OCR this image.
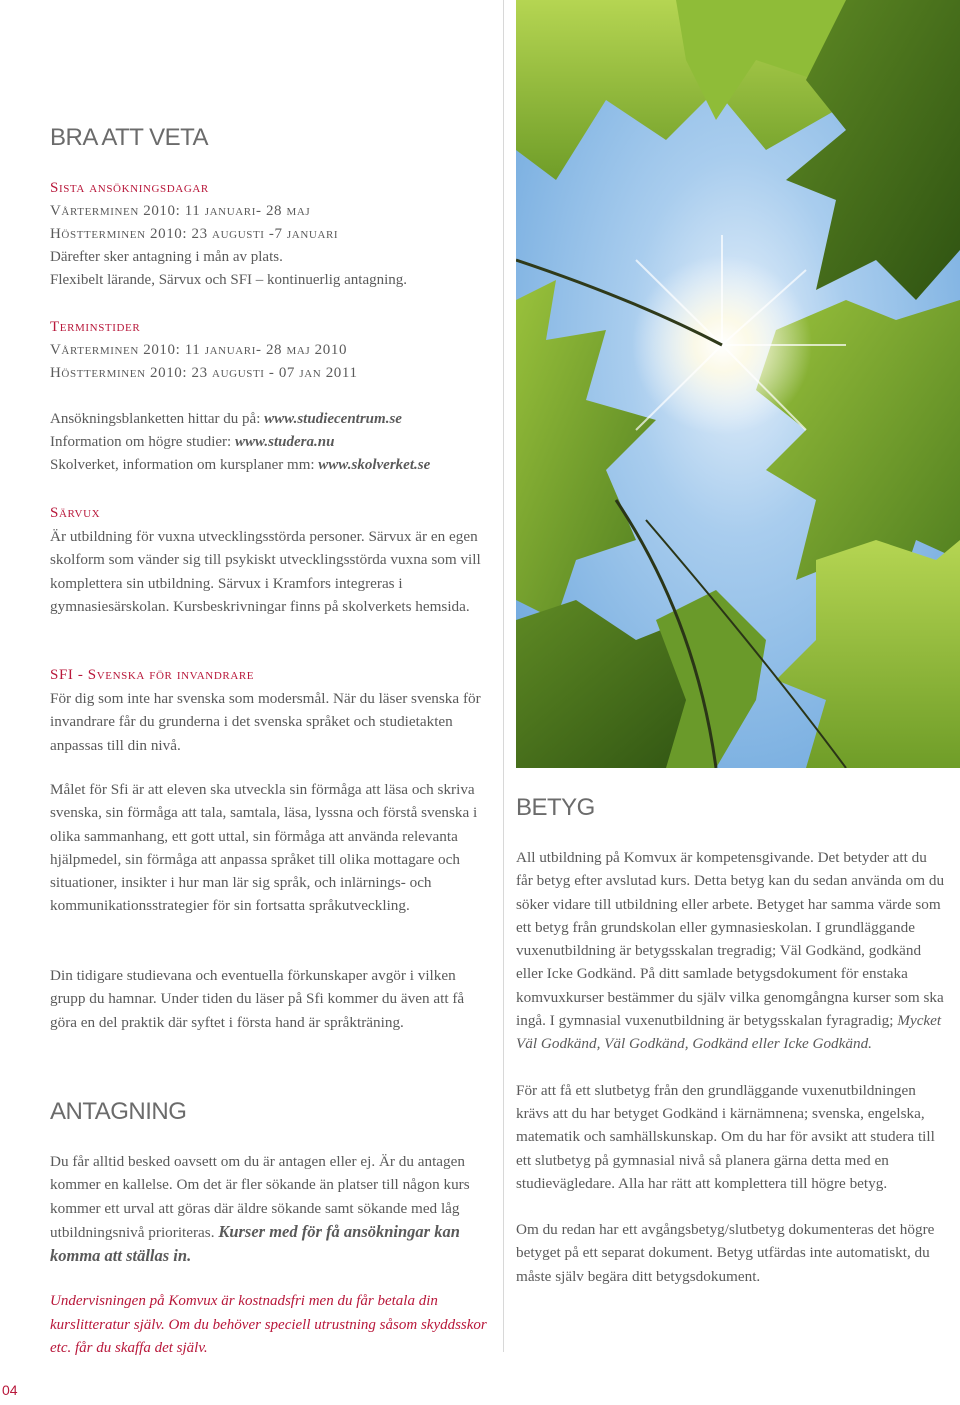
BRA ATT VETA
Sista ansökningsdagar
Vårterminen 2010: 11 januari- 28 maj
Höstterminen 2010: 23 augusti -7 januari
Därefter sker antagning i mån av plats.
Flexibelt lärande, Särvux och SFI – kontinuerlig antagning.
Terminstider
Vårterminen 2010: 11 januari- 28 maj 2010
Höstterminen 2010: 23 augusti - 07 jan 2011
Ansökningsblanketten hittar du på: www.studiecentrum.se
Information om högre studier: www.studera.nu
Skolverket, information om kursplaner mm: www.skolverket.se
Särvux

Är utbildning för vuxna utvecklingsstörda personer. Särvux är en egen skolform som vänder sig till psykiskt utvecklingsstörda vuxna som vill komplettera sin utbildning. Särvux i Kramfors integreras i gymnasiesärskolan. Kursbeskrivningar finns på skolverkets hemsida.

SFI - Svenska för invandrare

För dig som inte har svenska som modersmål. När du läser svenska för invandrare får du grunderna i det svenska språket och studietakten anpassas till din nivå.

Målet för Sfi är att eleven ska utveckla sin förmåga att läsa och skriva svenska, sin förmåga att tala, samtala, läsa, lyssna och förstå svenska i olika sammanhang, ett gott uttal, sin förmåga att använda relevanta hjälpmedel, sin förmåga att anpassa språket till olika mottagare och situationer, insikter i hur man lär sig språk, och inlärnings- och kommunikationsstrategier för sin fortsatta språkutveckling.

Din tidigare studievana och eventuella förkunskaper avgör i vilken grupp du hamnar. Under tiden du läser på Sfi kommer du även att få göra en del praktik där syftet i första hand är språkträning.

ANTAGNING

Du får alltid besked oavsett om du är antagen eller ej. Är du antagen kommer en kallelse. Om det är fler sökande än platser till någon kurs kommer ett urval att göras där äldre sökande samt sökande med låg utbildningsnivå prioriteras. Kurser med för få ansökningar kan komma att ställas in.

Undervisningen på Komvux är kostnadsfri men du får betala din kurslitteratur själv. Om du behöver speciell utrustning såsom skyddsskor etc. får du skaffa det själv.

BETYG

All utbildning på Komvux är kompetensgivande. Det betyder att du får betyg efter avslutad kurs. Detta betyg kan du sedan använda om du söker vidare till utbildning eller arbete. Betyget har samma värde som ett betyg från grundskolan eller gymnasieskolan. I grundläggande vuxenutbildning är betygsskalan tregradig; Väl Godkänd, godkänd eller Icke Godkänd. På ditt samlade betygsdokument för enstaka komvuxkurser bestämmer du själv vilka genomgångna kurser som ska ingå. I gymnasial vuxenutbildning är betygsskalan fyragradig; Mycket Väl Godkänd, Väl Godkänd, Godkänd eller Icke Godkänd.

För att få ett slutbetyg från den grundläggande vuxenutbildningen krävs att du har betyget Godkänd i kärnämnena; svenska, engelska, matematik och samhällskunskap. Om du har för avsikt att studera till ett slutbetyg på gymnasial nivå så planera gärna detta med en studievägledare. Alla har rätt att komplettera till högre betyg.

Om du redan har ett avgångsbetyg/slutbetyg dokumenteras det högre betyget på ett separat dokument. Betyg utfärdas inte automatiskt, du måste själv begära ditt betygsdokument.

04
